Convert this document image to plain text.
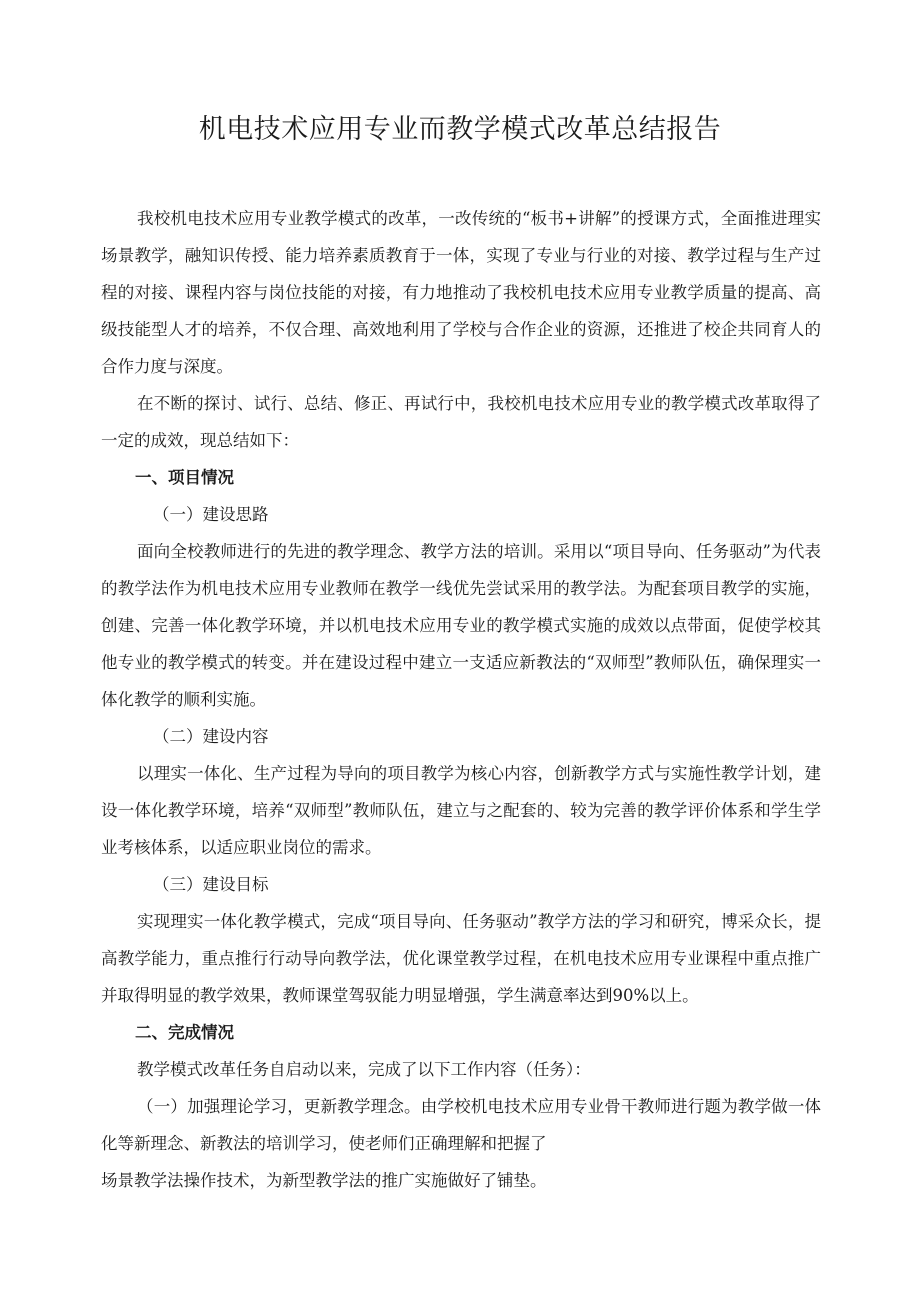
机电技术应用专业而教学模式改革总结报告

我校机电技术应用专业教学模式的改革，一改传统的“板书+讲解”的授课方式，全面推进理实场景教学，融知识传授、能力培养素质教育于一体，实现了专业与行业的对接、教学过程与生产过程的对接、课程内容与岗位技能的对接，有力地推动了我校机电技术应用专业教学质量的提高、高级技能型人才的培养，不仅合理、高效地利用了学校与合作企业的资源，还推进了校企共同育人的合作力度与深度。

在不断的探讨、试行、总结、修正、再试行中，我校机电技术应用专业的教学模式改革取得了一定的成效，现总结如下：

一、项目情况

（一）建设思路

面向全校教师进行的先进的教学理念、教学方法的培训。采用以“项目导向、任务驱动”为代表的教学法作为机电技术应用专业教师在教学一线优先尝试采用的教学法。为配套项目教学的实施，创建、完善一体化教学环境，并以机电技术应用专业的教学模式实施的成效以点带面，促使学校其他专业的教学模式的转变。并在建设过程中建立一支适应新教法的“双师型”教师队伍，确保理实一体化教学的顺利实施。

（二）建设内容

以理实一体化、生产过程为导向的项目教学为核心内容，创新教学方式与实施性教学计划，建设一体化教学环境，培养“双师型”教师队伍，建立与之配套的、较为完善的教学评价体系和学生学业考核体系，以适应职业岗位的需求。

（三）建设目标

实现理实一体化教学模式，完成“项目导向、任务驱动”教学方法的学习和研究，博采众长，提高教学能力，重点推行行动导向教学法，优化课堂教学过程，在机电技术应用专业课程中重点推广并取得明显的教学效果，教师课堂驾驭能力明显增强，学生满意率达到90%以上。

二、完成情况

教学模式改革任务自启动以来，完成了以下工作内容（任务）：

（一）加强理论学习，更新教学理念。由学校机电技术应用专业骨干教师进行题为教学做一体化等新理念、新教法的培训学习，使老师们正确理解和把握了

场景教学法操作技术，为新型教学法的推广实施做好了铺垫。
